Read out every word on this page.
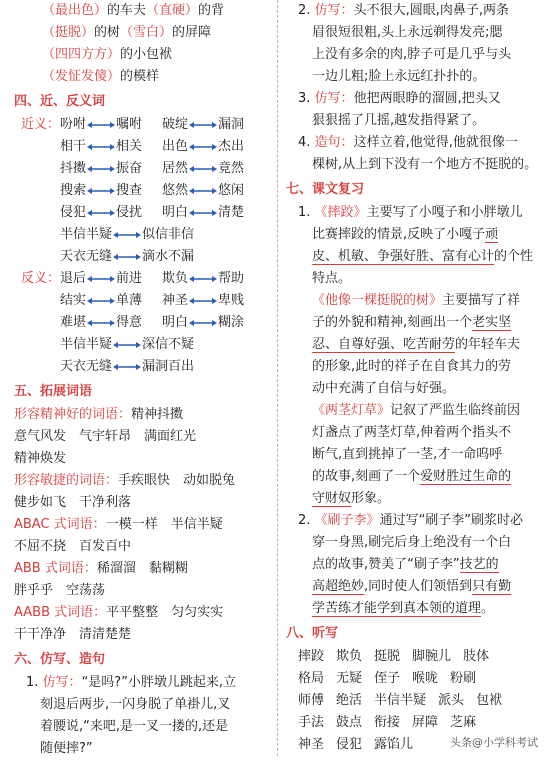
（最出色）的车夫（直硬）的背
（挺脱）的树（雪白）的屏障
（四四方方）的小包袱
（发怔发傻）的模样
四、近、反义词
近义：吩咐 嘱咐 破绽 漏洞
相干 相关 出色 杰出
抖擞 振奋 居然 竟然
搜索 搜查 悠然 悠闲
侵犯 侵扰 明白 清楚
半信半疑 似信非信
天衣无缝 滴水不漏
反义：退后 前进 欺负 帮助
结实 单薄 神圣 卑贱
难堪 得意 明白 糊涂
半信半疑 深信不疑
天衣无缝 漏洞百出
五、拓展词语
形容精神好的词语：精神抖擞
意气风发　气宇轩昂　满面红光
精神焕发
形容敏捷的词语：手疾眼快　动如脱兔
健步如飞　干净利落
ABAC 式词语：一模一样　半信半疑
不屈不挠　百发百中
ABB 式词语：稀溜溜　黏糊糊
胖乎乎　空荡荡
AABB 式词语：平平整整　匀匀实实
干干净净　清清楚楚
六、仿写、造句
1. 仿写：“是吗?”小胖墩儿跳起来,立
刻退后两步,一闪身脱了单褂儿,叉
着腰说,“来吧,是一叉一搂的,还是
随便摔?”
2. 仿写：头不很大,圆眼,肉鼻子,两条
眉很短很粗,头上永远剃得发亮;腮
上没有多余的肉,脖子可是几乎与头
一边儿粗;脸上永远红扑扑的。
3. 仿写：他把两眼睁的溜圆,把头又
狠狠摇了几摇,越发指得紧了。
4. 造句：这样立着,他觉得,他就很像一
棵树,从上到下没有一个地方不挺脱的。
七、课文复习
1. 《摔跤》主要写了小嘎子和小胖墩儿
比赛摔跤的情景,反映了小嘎子顽
皮、机敏、争强好胜、富有心计的个性
特点。
《他像一棵挺脱的树》主要描写了祥
子的外貌和精神,刻画出一个老实坚
忍、自尊好强、吃苦耐劳的年轻车夫
的形象,此时的祥子在自食其力的劳
动中充满了自信与好强。
《两茎灯草》记叙了严监生临终前因
灯盏点了两茎灯草,伸着两个指头不
断气,直到挑掉了一茎,才一命呜呼
的故事,刻画了一个爱财胜过生命的
守财奴形象。
2. 《刷子李》通过写“刷子李”刷浆时必
穿一身黑,刷完后身上绝没有一个白
点的故事,赞美了“刷子李”技艺的
高超绝妙,同时使人们领悟到只有勤
学苦练才能学到真本领的道理。
八、听写
摔跤 欺负 挺脱 脚腕儿 肢体
格局 无疑 侄子 喉咙 粉刷
师傅 绝活 半信半疑 派头 包袱
手法 鼓点 衔接 屏障 芝麻
神圣 侵犯 露馅儿	头条@小学科考试
